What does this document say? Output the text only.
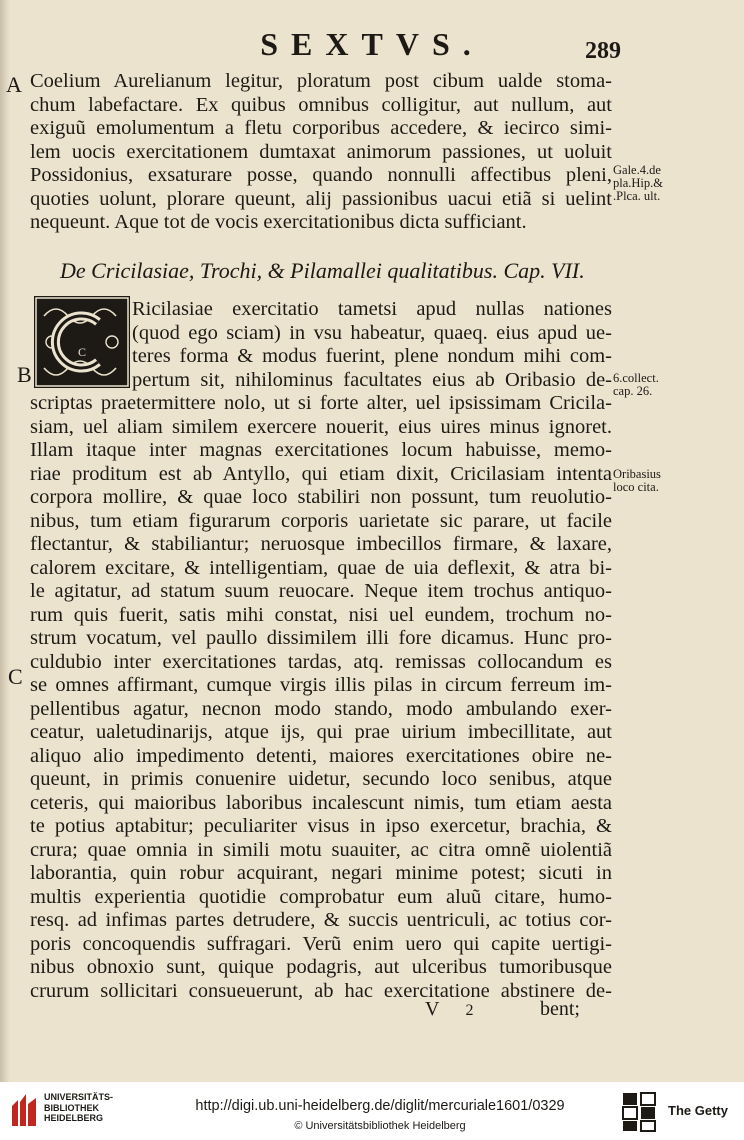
SEXTVS.	289
A
B
C
Coelium Aurelianum legitur, ploratum post cibum ualde stoma-
chum labefactare. Ex quibus omnibus colligitur, aut nullum, aut
exiguũ emolumentum a fletu corporibus accedere, & iecirco simi-
lem uocis exercitationem dumtaxat animorum passiones, ut uoluit
Possidonius, exsaturare posse, quando nonnulli affectibus pleni,
quoties uolunt, plorare queunt, alij passionibus uacui etiã si uelint
nequeunt. Aque tot de vocis exercitationibus dicta sufficiant.
De Cricilasiae, Trochi, & Pilamallei qualitatibus. Cap. VII.
C
Ricilasiae exercitatio tametsi apud nullas nationes
(quod ego sciam) in vsu habeatur, quaeq. eius apud ue-
teres forma & modus fuerint, plene nondum mihi com-
pertum sit, nihilominus facultates eius ab Oribasio de-
scriptas praetermittere nolo, ut si forte alter, uel ipsissimam Cricila-
siam, uel aliam similem exercere nouerit, eius uires minus ignoret.
Illam itaque inter magnas exercitationes locum habuisse, memo-
riae proditum est ab Antyllo, qui etiam dixit, Cricilasiam intenta
corpora mollire, & quae loco stabiliri non possunt, tum reuolutio-
nibus, tum etiam figurarum corporis uarietate sic parare, ut facile
flectantur, & stabiliantur; neruosque imbecillos firmare, & laxare,
calorem excitare, & intelligentiam, quae de uia deflexit, & atra bi-
le agitatur, ad statum suum reuocare. Neque item trochus antiquo-
rum quis fuerit, satis mihi constat, nisi uel eundem, trochum no-
strum vocatum, vel paullo dissimilem illi fore dicamus. Hunc pro-
culdubio inter exercitationes tardas, atq. remissas collocandum es
se omnes affirmant, cumque virgis illis pilas in circum ferreum im-
pellentibus agatur, necnon modo stando, modo ambulando exer-
ceatur, ualetudinarijs, atque ijs, qui prae uirium imbecillitate, aut
aliquo alio impedimento detenti, maiores exercitationes obire ne-
queunt, in primis conuenire uidetur, secundo loco senibus, atque
ceteris, qui maioribus laboribus incalescunt nimis, tum etiam aesta
te potius aptabitur; peculiariter visus in ipso exercetur, brachia, &
crura; quae omnia in simili motu suauiter, ac citra omnẽ uiolentiã
laborantia, quin robur acquirant, negari minime potest; sicuti in
multis experientia quotidie comprobatur eum aluũ citare, humo-
resq. ad infimas partes detrudere, & succis uentriculi, ac totius cor-
poris concoquendis suffragari. Verũ enim uero qui capite uertigi-
nibus obnoxio sunt, quique podagris, aut ulceribus tumoribusque
crurum sollicitari consueuerunt, ab hac exercitatione abstinere de-
Gale.4.de
pla.Hip.&
.Plca. ult.
6.collect.
cap. 26.
Oribasius
loco cita.
V 2	bent;
UNIVERSITÄTS-
BIBLIOTHEK
HEIDELBERG
http://digi.ub.uni-heidelberg.de/diglit/mercuriale1601/0329
© Universitätsbibliothek Heidelberg
The Getty
